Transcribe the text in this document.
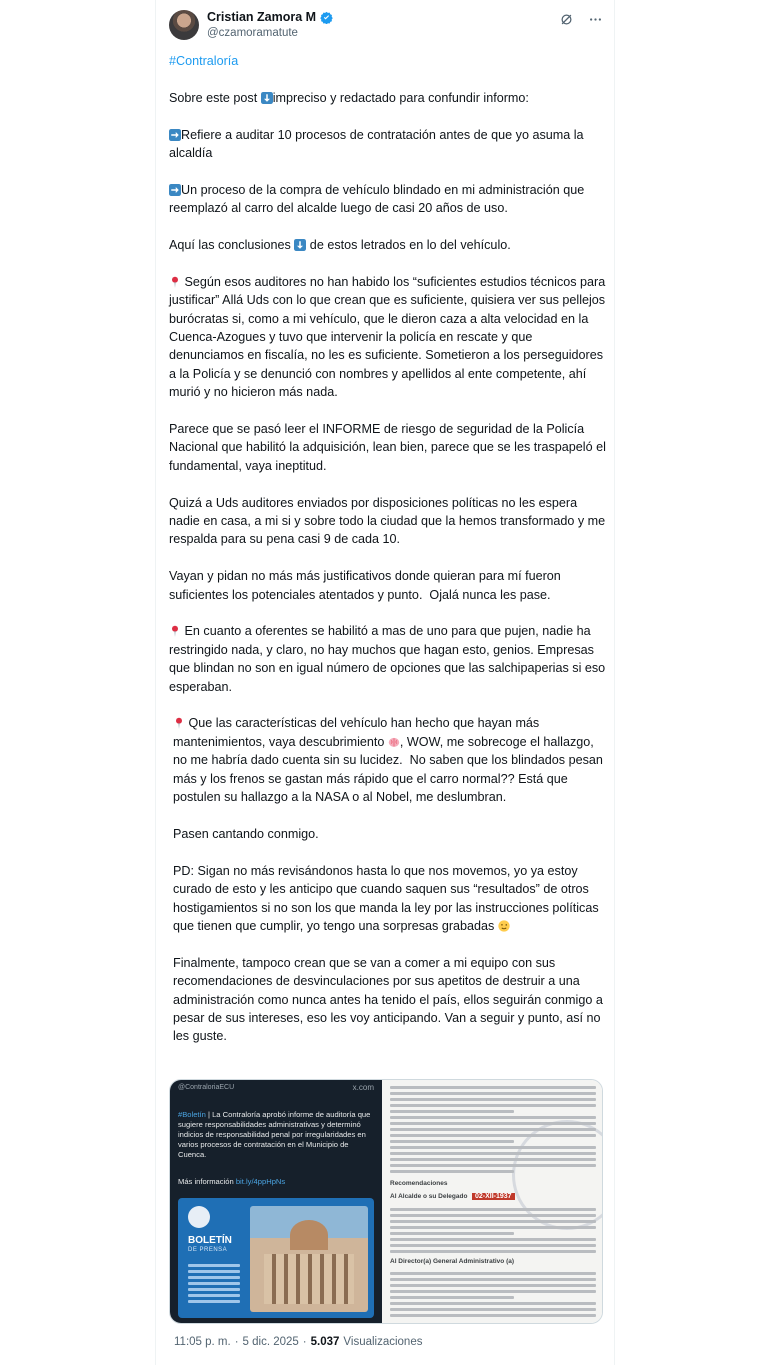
Cristian Zamora M
@czamoramatute
#Contraloría
Sobre este post impreciso y redactado para confundir informo:
Refiere a auditar 10 procesos de contratación antes de que yo asuma la alcaldía
Un proceso de la compra de vehículo blindado en mi administración que reemplazó al carro del alcalde luego de casi 20 años de uso.
Aquí las conclusiones  de estos letrados en lo del vehículo.
Según esos auditores no han habido los “suficientes estudios técnicos para justificar” Allá Uds con lo que crean que es suficiente, quisiera ver sus pellejos burócratas si, como a mi vehículo, que le dieron caza a alta velocidad en la Cuenca-Azogues y tuvo que intervenir la policía en rescate y que denunciamos en fiscalía, no les es suficiente. Sometieron a los perseguidores a la Policía y se denunció con nombres y apellidos al ente competente, ahí murió y no hicieron más nada.
Parece que se pasó leer el INFORME de riesgo de seguridad de la Policía Nacional que habilitó la adquisición, lean bien, parece que se les traspapeló el fundamental, vaya ineptitud.
Quizá a Uds auditores enviados por disposiciones políticas no les espera nadie en casa, a mi si y sobre todo la ciudad que la hemos transformado y me respalda para su pena casi 9 de cada 10.
Vayan y pidan no más más justificativos donde quieran para mí fueron suficientes los potenciales atentados y punto.  Ojalá nunca les pase.
En cuanto a oferentes se habilitó a mas de uno para que pujen, nadie ha restringido nada, y claro, no hay muchos que hagan esto, genios. Empresas que blindan no son en igual número de opciones que las salchipaperias si eso esperaban.
Que las características del vehículo han hecho que hayan más mantenimientos, vaya descubrimiento , WOW, me sobrecoge el hallazgo, no me habría dado cuenta sin su lucidez.  No saben que los blindados pesan más y los frenos se gastan más rápido que el carro normal?? Está que postulen su hallazgo a la NASA o al Nobel, me deslumbran.
Pasen cantando conmigo.
PD: Sigan no más revisándonos hasta lo que nos movemos, yo ya estoy curado de esto y les anticipo que cuando saquen sus “resultados” de otros hostigamientos si no son los que manda la ley por las instrucciones políticas que tienen que cumplir, yo tengo una sorpresas grabadas
Finalmente, tampoco crean que se van a comer a mi equipo con sus recomendaciones de desvinculaciones por sus apetitos de destruir a una administración como nunca antes ha tenido el país, ellos seguirán conmigo a pesar de sus intereses, eso les voy anticipando. Van a seguir y punto, así no les guste.
@ContraloriaECU	x.com
#Boletín | La Contraloría aprobó informe de auditoría que sugiere responsabilidades administrativas y determinó indicios de responsabilidad penal por irregularidades en varios procesos de contratación en el Municipio de Cuenca.
Más información bit.ly/4ppHpNs
BOLETÍN
DE PRENSA
Recomendaciones
Al Alcalde o su Delegado	02-XII-1937
Al Director(a) General Administrativo (a)
11:05 p. m. · 5 dic. 2025 · 5.037 Visualizaciones
